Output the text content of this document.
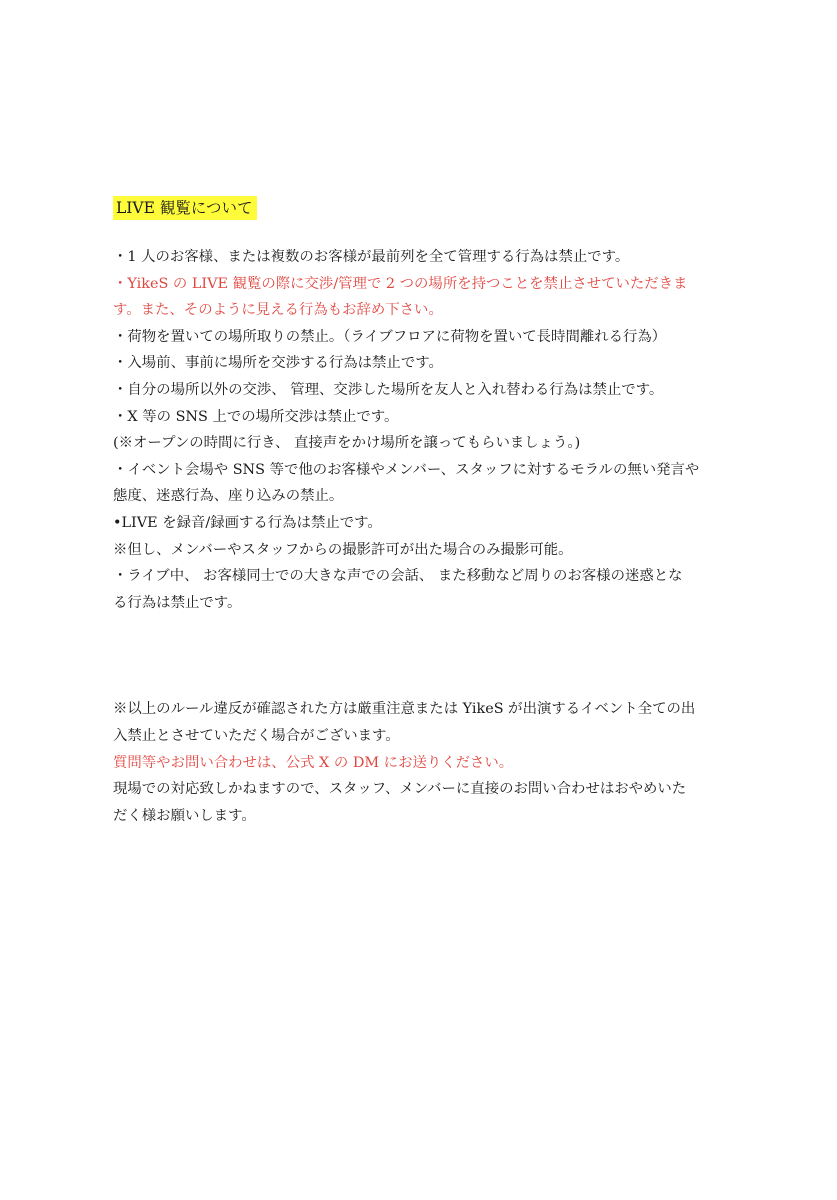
LIVE 観覧について
・1 人のお客様、または複数のお客様が最前列を全て管理する行為は禁止です。
・YikeS の LIVE 観覧の際に交渉/管理で 2 つの場所を持つことを禁止させていただきま
す。また、そのように見える行為もお辞め下さい。
・荷物を置いての場所取りの禁止。（ライブフロアに荷物を置いて長時間離れる行為）
・入場前、事前に場所を交渉する行為は禁止です。
・自分の場所以外の交渉、 管理、交渉した場所を友人と入れ替わる行為は禁止です。
・X 等の SNS 上での場所交渉は禁止です。
(※オープンの時間に行き、 直接声をかけ場所を譲ってもらいましょう。)
・イベント会場や SNS 等で他のお客様やメンバー、スタッフに対するモラルの無い発言や
態度、迷惑行為、座り込みの禁止。
•LIVE を録音/録画する行為は禁止です。
※但し、メンバーやスタッフからの撮影許可が出た場合のみ撮影可能。
・ライブ中、 お客様同士での大きな声での会話、 また移動など周りのお客様の迷惑とな
る行為は禁止です。
※以上のルール違反が確認された方は厳重注意または YikeS が出演するイベント全ての出
入禁止とさせていただく場合がございます。
質問等やお問い合わせは、公式 X の DM にお送りください。
現場での対応致しかねますので、スタッフ、メンバーに直接のお問い合わせはおやめいた
だく様お願いします。
